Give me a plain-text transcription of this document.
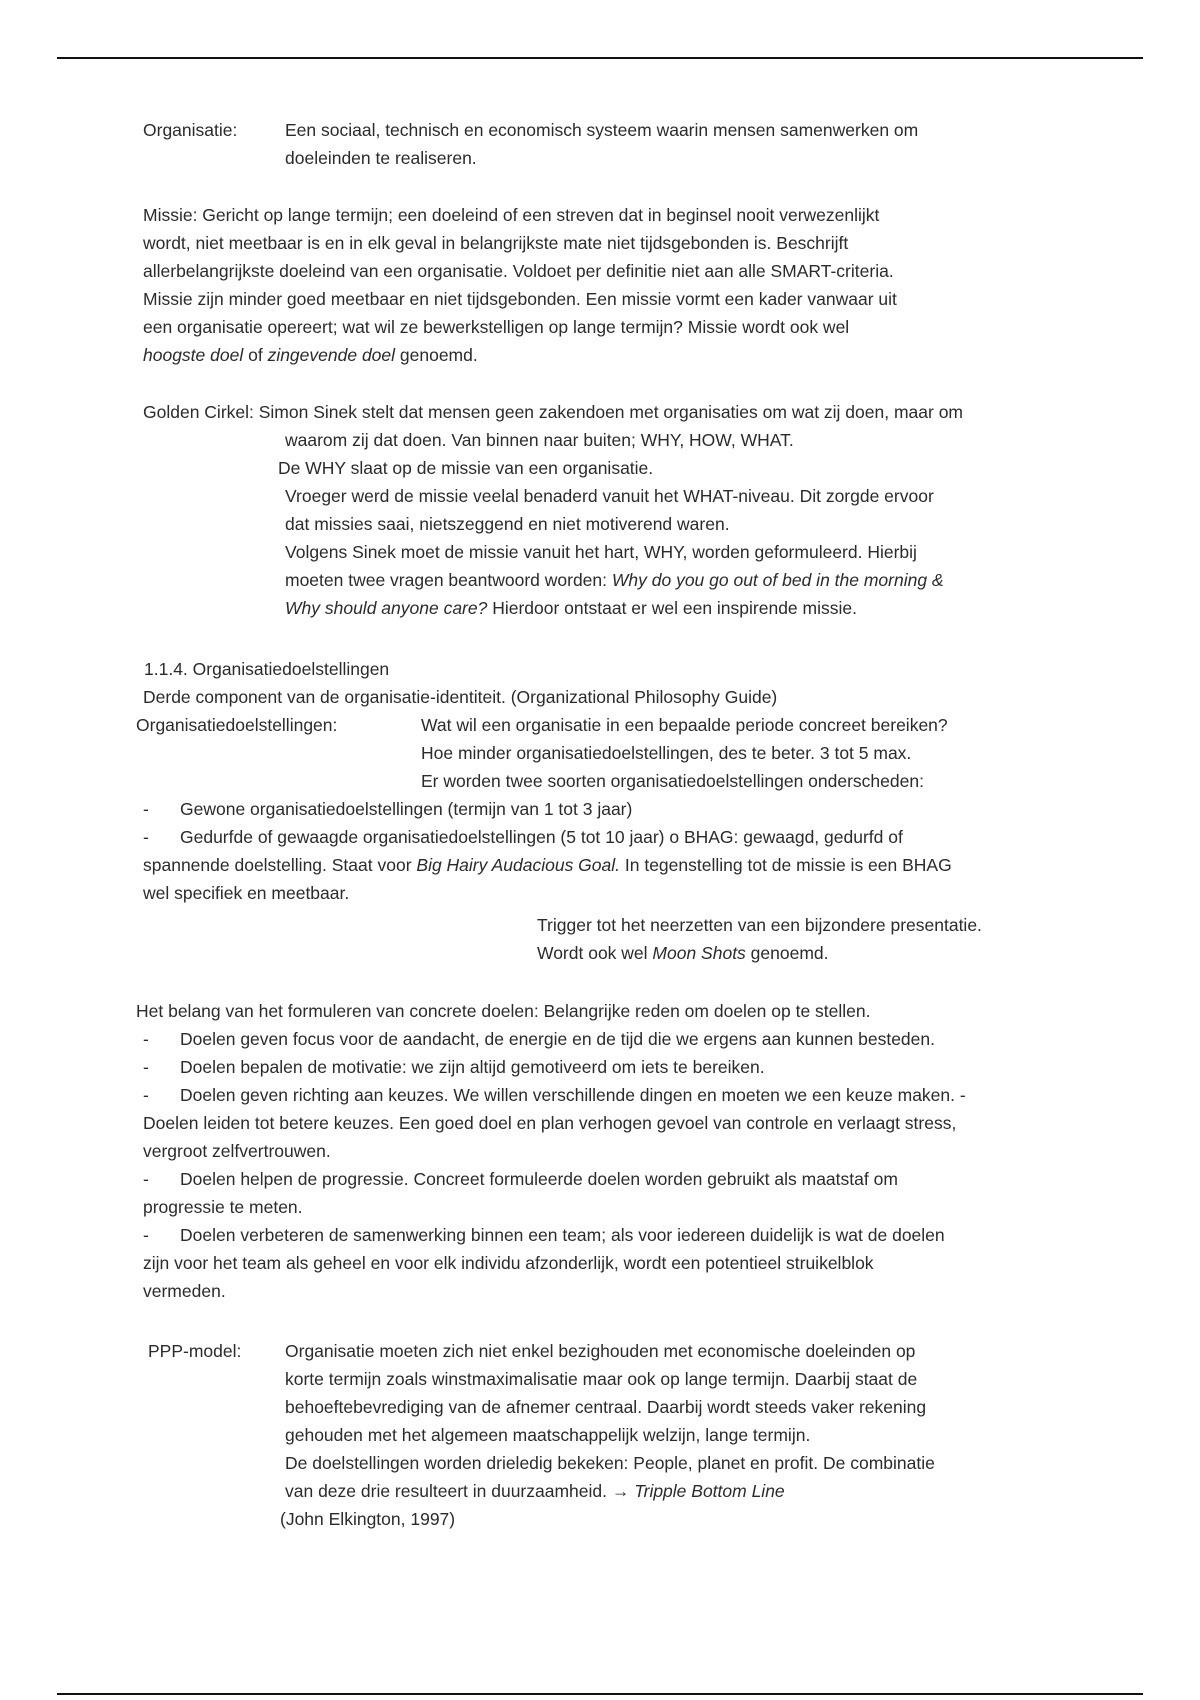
Organisatie:	Een sociaal, technisch en economisch systeem waarin mensen samenwerken om
doeleinden te realiseren.
Missie: Gericht op lange termijn; een doeleind of een streven dat in beginsel nooit verwezenlijkt
wordt, niet meetbaar is en in elk geval in belangrijkste mate niet tijdsgebonden is. Beschrijft
allerbelangrijkste doeleind van een organisatie. Voldoet per definitie niet aan alle SMART-criteria.
Missie zijn minder goed meetbaar en niet tijdsgebonden. Een missie vormt een kader vanwaar uit
een organisatie opereert; wat wil ze bewerkstelligen op lange termijn? Missie wordt ook wel
hoogste doel of zingevende doel genoemd.
Golden Cirkel: Simon Sinek stelt dat mensen geen zakendoen met organisaties om wat zij doen, maar om
waarom zij dat doen. Van binnen naar buiten; WHY, HOW, WHAT.
De WHY slaat op de missie van een organisatie.
Vroeger werd de missie veelal benaderd vanuit het WHAT-niveau. Dit zorgde ervoor
dat missies saai, nietszeggend en niet motiverend waren.
Volgens Sinek moet de missie vanuit het hart, WHY, worden geformuleerd. Hierbij
moeten twee vragen beantwoord worden: Why do you go out of bed in the morning &
Why should anyone care? Hierdoor ontstaat er wel een inspirende missie.
1.1.4. Organisatiedoelstellingen
Derde component van de organisatie-identiteit. (Organizational Philosophy Guide)
Organisatiedoelstellingen:	Wat wil een organisatie in een bepaalde periode concreet bereiken?
Hoe minder organisatiedoelstellingen, des te beter. 3 tot 5 max.
Er worden twee soorten organisatiedoelstellingen onderscheden:
- Gewone organisatiedoelstellingen (termijn van 1 tot 3 jaar)
- Gedurfde of gewaagde organisatiedoelstellingen (5 tot 10 jaar) o BHAG: gewaagd, gedurfd of
spannende doelstelling. Staat voor Big Hairy Audacious Goal. In tegenstelling tot de missie is een BHAG
wel specifiek en meetbaar.
Trigger tot het neerzetten van een bijzondere presentatie.
Wordt ook wel Moon Shots genoemd.
Het belang van het formuleren van concrete doelen: Belangrijke reden om doelen op te stellen.
- Doelen geven focus voor de aandacht, de energie en de tijd die we ergens aan kunnen besteden.
- Doelen bepalen de motivatie: we zijn altijd gemotiveerd om iets te bereiken.
- Doelen geven richting aan keuzes. We willen verschillende dingen en moeten we een keuze maken. -
Doelen leiden tot betere keuzes. Een goed doel en plan verhogen gevoel van controle en verlaagt stress,
vergroot zelfvertrouwen.
- Doelen helpen de progressie. Concreet formuleerde doelen worden gebruikt als maatstaf om
progressie te meten.
- Doelen verbeteren de samenwerking binnen een team; als voor iedereen duidelijk is wat de doelen
zijn voor het team als geheel en voor elk individu afzonderlijk, wordt een potentieel struikelblok
vermeden.
PPP-model: Organisatie moeten zich niet enkel bezighouden met economische doeleinden op
korte termijn zoals winstmaximalisatie maar ook op lange termijn. Daarbij staat de
behoeftebevrediging van de afnemer centraal. Daarbij wordt steeds vaker rekening
gehouden met het algemeen maatschappelijk welzijn, lange termijn.
De doelstellingen worden drieledig bekeken: People, planet en profit. De combinatie
van deze drie resulteert in duurzaamheid. → Tripple Bottom Line
(John Elkington, 1997)
